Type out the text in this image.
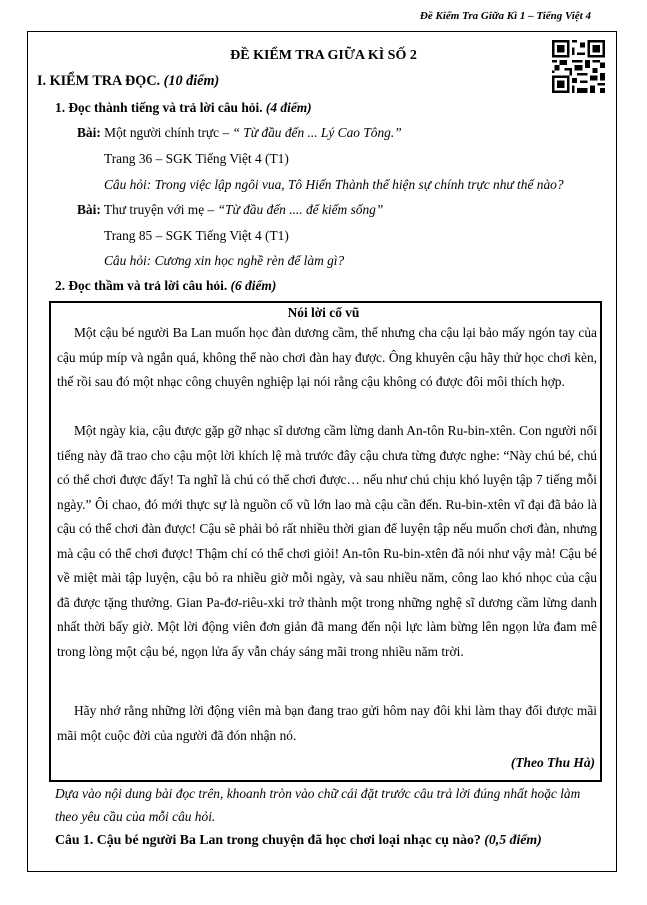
Đề Kiểm Tra Giữa Kì 1 – Tiếng Việt 4
ĐỀ KIỂM TRA GIỮA KÌ SỐ 2
I. KIỂM TRA ĐỌC. (10 điểm)
1. Đọc thành tiếng và trả lời câu hỏi. (4 điểm)
Bài: Một người chính trực – “ Từ đầu đến ... Lý Cao Tông.”
Trang 36 – SGK Tiếng Việt 4 (T1)
Câu hỏi: Trong việc lập ngôi vua, Tô Hiến Thành thể hiện sự chính trực như thế nào?
Bài: Thư truyện với mẹ – “Từ đầu đến .... để kiếm sống”
Trang 85 – SGK Tiếng Việt 4 (T1)
Câu hỏi: Cương xin học nghề rèn để làm gì?
2. Đọc thầm và trả lời câu hỏi. (6 điểm)
Nói lời cổ vũ

Một cậu bé người Ba Lan muốn học đàn dương cầm, thế nhưng cha cậu lại bảo mấy ngón tay của cậu múp míp và ngắn quá, không thể nào chơi đàn hay được. Ông khuyên cậu hãy thử học chơi kèn, thế rồi sau đó một nhạc công chuyên nghiệp lại nói rằng cậu không có được đôi môi thích hợp.

Một ngày kia, cậu được gặp gỡ nhạc sĩ dương cầm lừng danh An-tôn Ru-bin-xtên. Con người nổi tiếng này đã trao cho cậu một lời khích lệ mà trước đây cậu chưa từng được nghe: “Này chú bé, chú có thể chơi được đấy! Ta nghĩ là chú có thể chơi được… nếu như chú chịu khó luyện tập 7 tiếng mỗi ngày.” Ôi chao, đó mới thực sự là nguồn cổ vũ lớn lao mà cậu cần đến. Ru-bin-xtên vĩ đại đã bảo là cậu có thể chơi đàn được! Cậu sẽ phải bỏ rất nhiều thời gian để luyện tập nếu muốn chơi đàn, nhưng mà cậu có thể chơi được! Thậm chí có thể chơi giỏi! An-tôn Ru-bin-xtên đã nói như vậy mà! Cậu bé về miệt mài tập luyện, cậu bỏ ra nhiều giờ mỗi ngày, và sau nhiều năm, công lao khó nhọc của cậu đã được tặng thưởng. Gian Pa-đơ-riêu-xki trở thành một trong những nghệ sĩ dương cầm lừng danh nhất thời bấy giờ. Một lời động viên đơn giản đã mang đến nội lực làm bừng lên ngọn lửa đam mê trong lòng một cậu bé, ngọn lửa ấy vẫn cháy sáng mãi trong nhiều năm trời.

Hãy nhớ rằng những lời động viên mà bạn đang trao gửi hôm nay đôi khi làm thay đổi được mãi mãi một cuộc đời của người đã đón nhận nó.

(Theo Thu Hà)

Dựa vào nội dung bài đọc trên, khoanh tròn vào chữ cái đặt trước câu trả lời đúng nhất hoặc làm theo yêu cầu của mỗi câu hỏi.

Câu 1. Cậu bé người Ba Lan trong chuyện đã học chơi loại nhạc cụ nào? (0,5 điểm)
